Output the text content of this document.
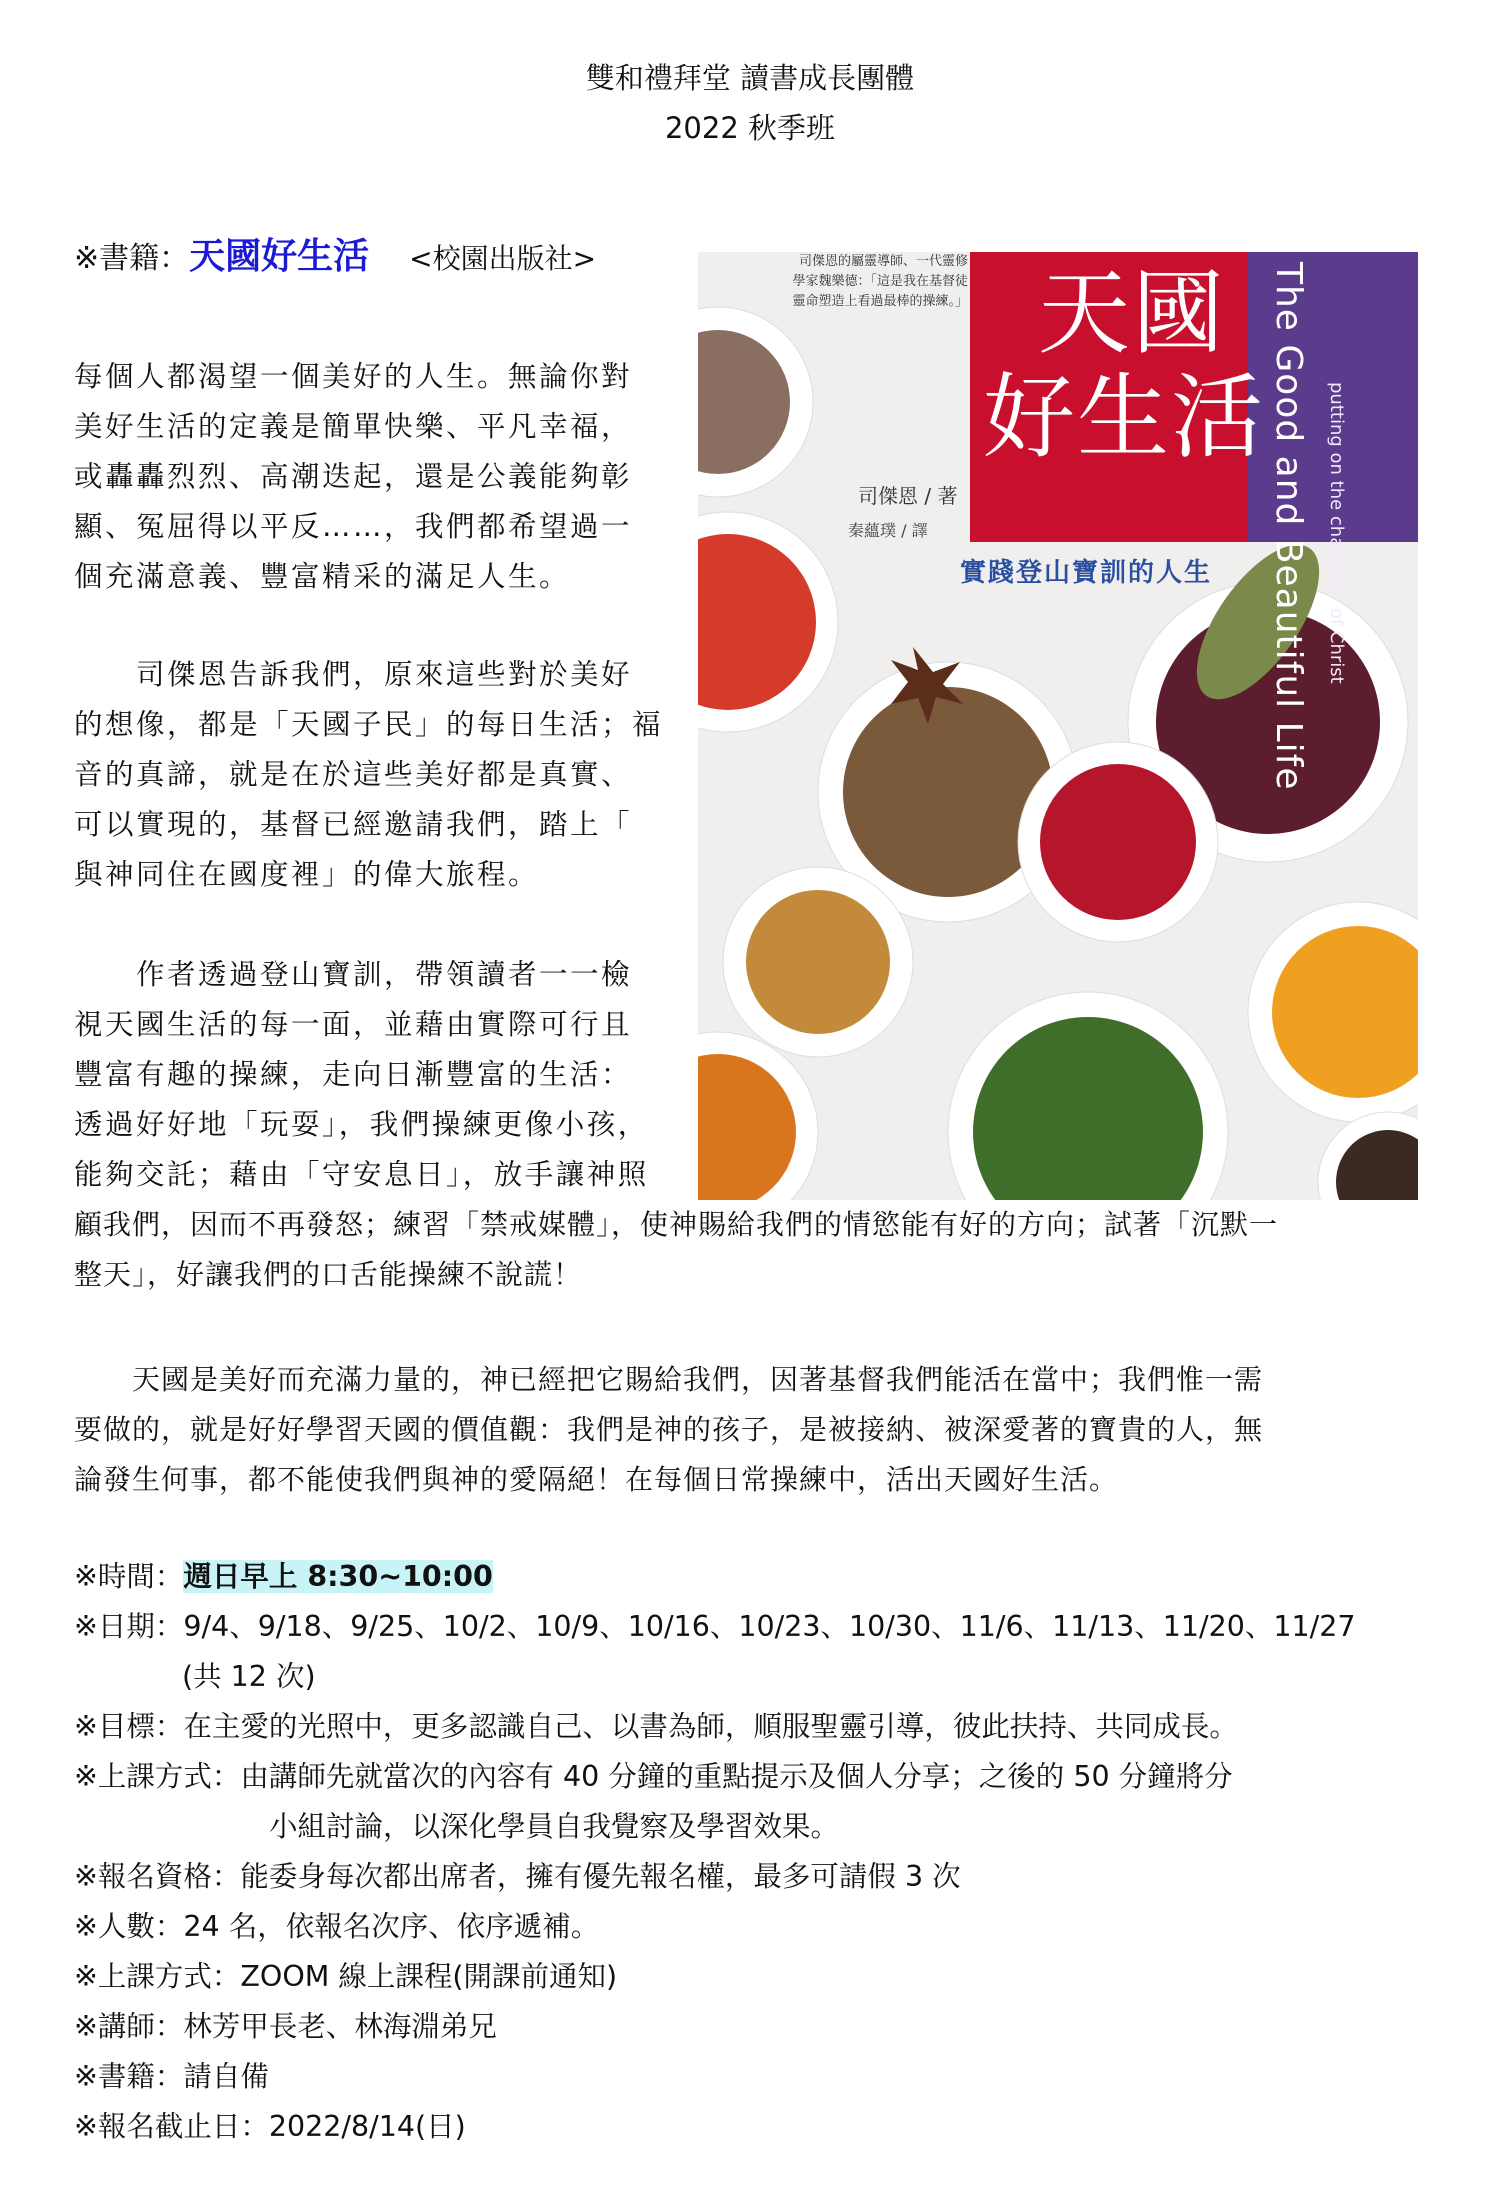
雙和禮拜堂 讀書成長團體
2022 秋季班
※書籍：天國好生活 <校園出版社>	司傑恩的屬靈導師、一代靈修學家魏樂德：「這是我在基督徒靈命塑造上看過最棒的操練。」 天國
好生活 The Good and Beautiful Life putting on the character of Christ
司傑恩 / 著
秦蘊璞 / 譯
實踐登山寶訓的人生
每個人都渴望一個美好的人生。無論你對
美好生活的定義是簡單快樂、平凡幸福，
或轟轟烈烈、高潮迭起，還是公義能夠彰
顯、冤屈得以平反……，我們都希望過一
個充滿意義、豐富精采的滿足人生。
　　司傑恩告訴我們，原來這些對於美好
的想像，都是「天國子民」的每日生活；福
音的真諦，就是在於這些美好都是真實、
可以實現的，基督已經邀請我們，踏上「
與神同住在國度裡」的偉大旅程。
　　作者透過登山寶訓，帶領讀者一一檢
視天國生活的每一面，並藉由實際可行且
豐富有趣的操練，走向日漸豐富的生活：
透過好好地「玩耍」，我們操練更像小孩，
能夠交託；藉由「守安息日」，放手讓神照
顧我們，因而不再發怒；練習「禁戒媒體」，使神賜給我們的情慾能有好的方向；試著「沉默一
整天」，好讓我們的口舌能操練不說謊！
　　天國是美好而充滿力量的，神已經把它賜給我們，因著基督我們能活在當中；我們惟一需
要做的，就是好好學習天國的價值觀：我們是神的孩子，是被接納、被深愛著的寶貴的人，無
論發生何事，都不能使我們與神的愛隔絕！在每個日常操練中，活出天國好生活。
※時間：週日早上 8:30~10:00
※日期：9/4、9/18、9/25、10/2、10/9、10/16、10/23、10/30、11/6、11/13、11/20、11/27
(共 12 次)
※目標：在主愛的光照中，更多認識自己、以書為師，順服聖靈引導，彼此扶持、共同成長。
※上課方式：由講師先就當次的內容有 40 分鐘的重點提示及個人分享；之後的 50 分鐘將分
小組討論，以深化學員自我覺察及學習效果。
※報名資格：能委身每次都出席者，擁有優先報名權，最多可請假 3 次
※人數：24 名，依報名次序、依序遞補。
※上課方式：ZOOM 線上課程(開課前通知)
※講師：林芳甲長老、林海淵弟兄
※書籍：請自備
※報名截止日：2022/8/14(日)
